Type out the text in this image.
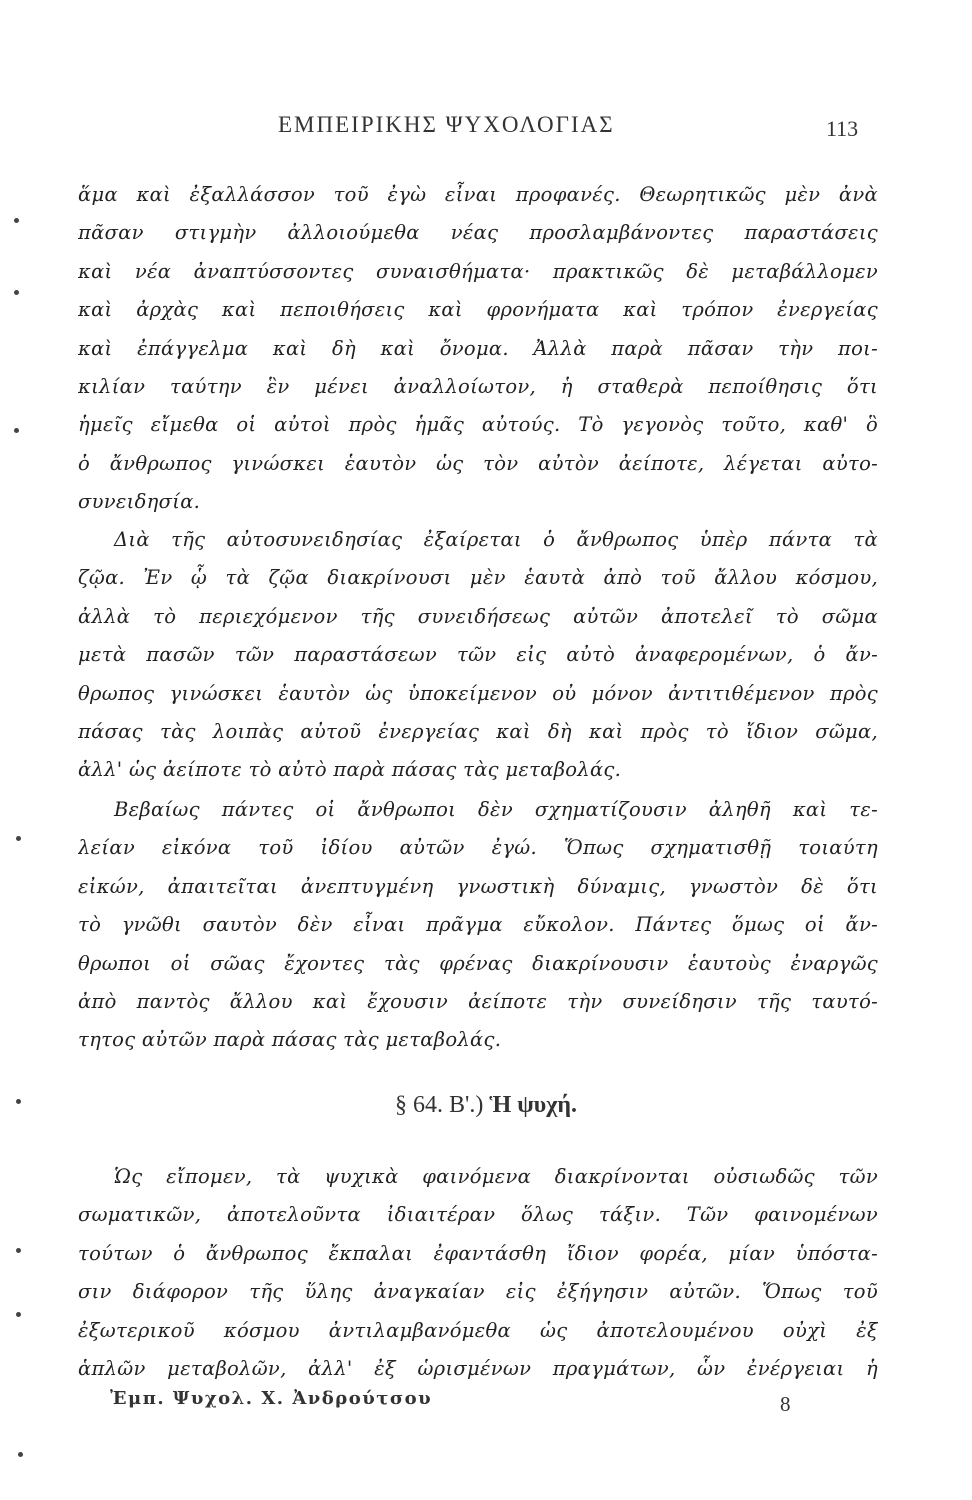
ΕΜΠΕΙΡΙΚΗΣ ΨΥΧΟΛΟΓΙΑΣ	113
ἅμα καὶ ἐξαλλάσσον τοῦ ἐγὼ εἶναι προφανές. Θεωρητικῶς μὲν ἀνὰ
πᾶσαν στιγμὴν ἀλλοιούμεθα νέας προσλαμβάνοντες παραστάσεις
καὶ νέα ἀναπτύσσοντες συναισθήματα· πρακτικῶς δὲ μεταβάλλομεν
καὶ ἀρχὰς καὶ πεποιθήσεις καὶ φρονήματα καὶ τρόπον ἐνεργείας
καὶ ἐπάγγελμα καὶ δὴ καὶ ὄνομα. Ἀλλὰ παρὰ πᾶσαν τὴν ποι-
κιλίαν ταύτην ἓν μένει ἀναλλοίωτον, ἡ σταθερὰ πεποίθησις ὅτι
ἡμεῖς εἴμεθα οἱ αὐτοὶ πρὸς ἡμᾶς αὐτούς. Τὸ γεγονὸς τοῦτο, καθ' ὃ
ὁ ἄνθρωπος γινώσκει ἑαυτὸν ὡς τὸν αὐτὸν ἀείποτε, λέγεται αὐτο-
συνειδησία.
Διὰ τῆς αὐτοσυνειδησίας ἐξαίρεται ὁ ἄνθρωπος ὑπὲρ πάντα τὰ
ζῷα. Ἐν ᾧ τὰ ζῷα διακρίνουσι μὲν ἑαυτὰ ἀπὸ τοῦ ἄλλου κόσμου,
ἀλλὰ τὸ περιεχόμενον τῆς συνειδήσεως αὐτῶν ἀποτελεῖ τὸ σῶμα
μετὰ πασῶν τῶν παραστάσεων τῶν εἰς αὐτὸ ἀναφερομένων, ὁ ἄν-
θρωπος γινώσκει ἑαυτὸν ὡς ὑποκείμενον οὐ μόνον ἀντιτιθέμενον πρὸς
πάσας τὰς λοιπὰς αὐτοῦ ἐνεργείας καὶ δὴ καὶ πρὸς τὸ ἴδιον σῶμα,
ἀλλ' ὡς ἀείποτε τὸ αὐτὸ παρὰ πάσας τὰς μεταβολάς.
Βεβαίως πάντες οἱ ἄνθρωποι δὲν σχηματίζουσιν ἀληθῆ καὶ τε-
λείαν εἰκόνα τοῦ ἰδίου αὐτῶν ἐγώ. Ὅπως σχηματισθῇ τοιαύτη
εἰκών, ἀπαιτεῖται ἀνεπτυγμένη γνωστικὴ δύναμις, γνωστὸν δὲ ὅτι
τὸ γνῶθι σαυτὸν δὲν εἶναι πρᾶγμα εὔκολον. Πάντες ὅμως οἱ ἄν-
θρωποι οἱ σῶας ἔχοντες τὰς φρένας διακρίνουσιν ἑαυτοὺς ἐναργῶς
ἀπὸ παντὸς ἄλλου καὶ ἔχουσιν ἀείποτε τὴν συνείδησιν τῆς ταυτό-
τητος αὐτῶν παρὰ πάσας τὰς μεταβολάς.
§ 64. Β'.) Ἡ ψυχή.
Ὡς εἴπομεν, τὰ ψυχικὰ φαινόμενα διακρίνονται οὐσιωδῶς τῶν
σωματικῶν, ἀποτελοῦντα ἰδιαιτέραν ὅλως τάξιν. Τῶν φαινομένων
τούτων ὁ ἄνθρωπος ἔκπαλαι ἐφαντάσθη ἴδιον φορέα, μίαν ὑπόστα-
σιν διάφορον τῆς ὕλης ἀναγκαίαν εἰς ἐξήγησιν αὐτῶν. Ὅπως τοῦ
ἐξωτερικοῦ κόσμου ἀντιλαμβανόμεθα ὡς ἀποτελουμένου οὐχὶ ἐξ
ἁπλῶν μεταβολῶν, ἀλλ' ἐξ ὡρισμένων πραγμάτων, ὧν ἐνέργειαι ἡ
Ἐμπ. Ψυχολ. Χ. Ἀνδρούτσου	8
